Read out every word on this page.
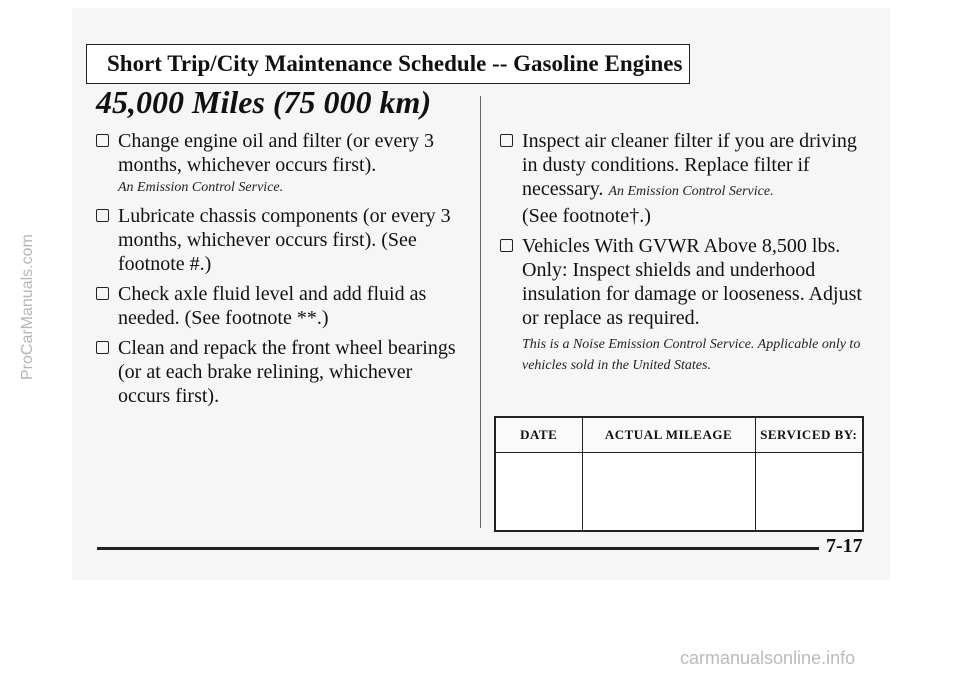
Short Trip/City Maintenance Schedule -- Gasoline Engines
45,000 Miles (75 000 km)
Change engine oil and filter (or every 3 months, whichever occurs first).
An Emission Control Service.
Lubricate chassis components (or every 3 months, whichever occurs first). (See footnote #.)
Check axle fluid level and add fluid as needed. (See footnote **.)
Clean and repack the front wheel bearings (or at each brake relining, whichever occurs first).
Inspect air cleaner filter if you are driving in dusty conditions. Replace filter if necessary. An Emission Control Service.
(See footnote†.)
Vehicles With GVWR Above 8,500 lbs. Only: Inspect shields and underhood insulation for damage or looseness. Adjust or replace as required.
This is a Noise Emission Control Service. Applicable only to vehicles sold in the United States.
DATE	ACTUAL MILEAGE	SERVICED BY:

7-17
ProCarManuals.com
carmanualsonline.info
